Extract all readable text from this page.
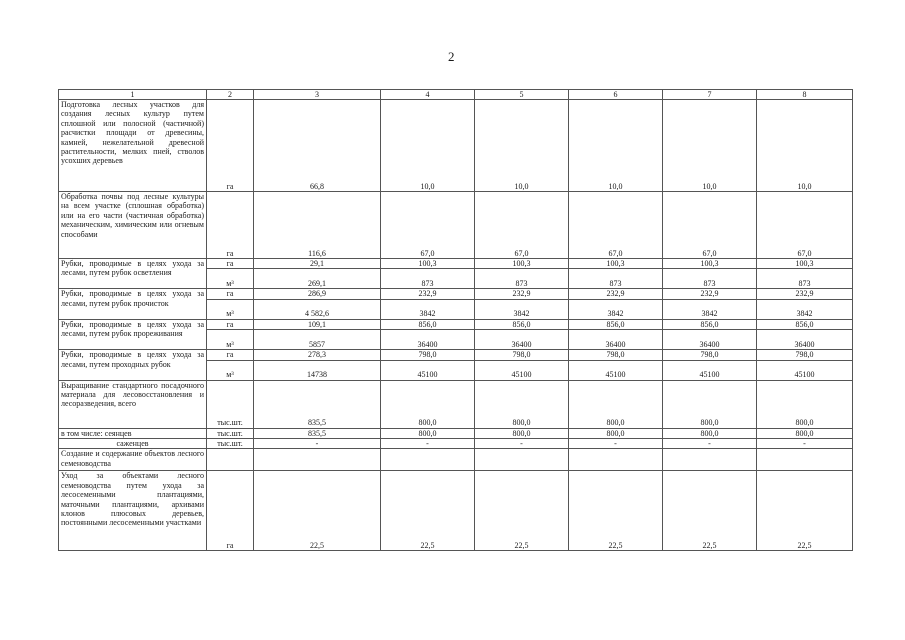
2
1	2	3	4	5	6	7	8
Подготовка лесных участков для создания лесных культур путем сплошной или полосной (частичной) расчистки площади от древесины, камней, нежелательной древесной растительности, мелких пней, стволов усохших деревьев	га	66,8	10,0	10,0	10,0	10,0	10,0
Обработка почвы под лесные культуры на всем участке (сплошная обработка) или на его части (частичная обработка) механическим, химическим или огневым способами	га	116,6	67,0	67,0	67,0	67,0	67,0
Рубки, проводимые в целях ухода за лесами, путем рубок осветления	га	29,1	100,3	100,3	100,3	100,3	100,3
	м³	269,1	873	873	873	873	873
Рубки, проводимые в целях ухода за лесами, путем рубок прочисток	га	286,9	232,9	232,9	232,9	232,9	232,9
	м³	4 582,6	3842	3842	3842	3842	3842
Рубки, проводимые в целях ухода за лесами, путем рубок прореживания	га	109,1	856,0	856,0	856,0	856,0	856,0
	м³	5857	36400	36400	36400	36400	36400
Рубки, проводимые в целях ухода за лесами, путем проходных рубок	га	278,3	798,0	798,0	798,0	798,0	798,0
	м³	14738	45100	45100	45100	45100	45100
Выращивание стандартного посадочного материала для лесовосстановления и лесоразведения, всего	тыс.шт.	835,5	800,0	800,0	800,0	800,0	800,0
в том числе: сеянцев	тыс.шт.	835,5	800,0	800,0	800,0	800,0	800,0
саженцев	тыс.шт.	-	-	-	-	-	-
Создание и содержание объектов лесного семеноводства							
Уход за объектами лесного семеноводства путем ухода за лесосеменными плантациями, маточными плантациями, архивами клонов плюсовых деревьев, постоянными лесосеменными участками	га	22,5	22,5	22,5	22,5	22,5	22,5
